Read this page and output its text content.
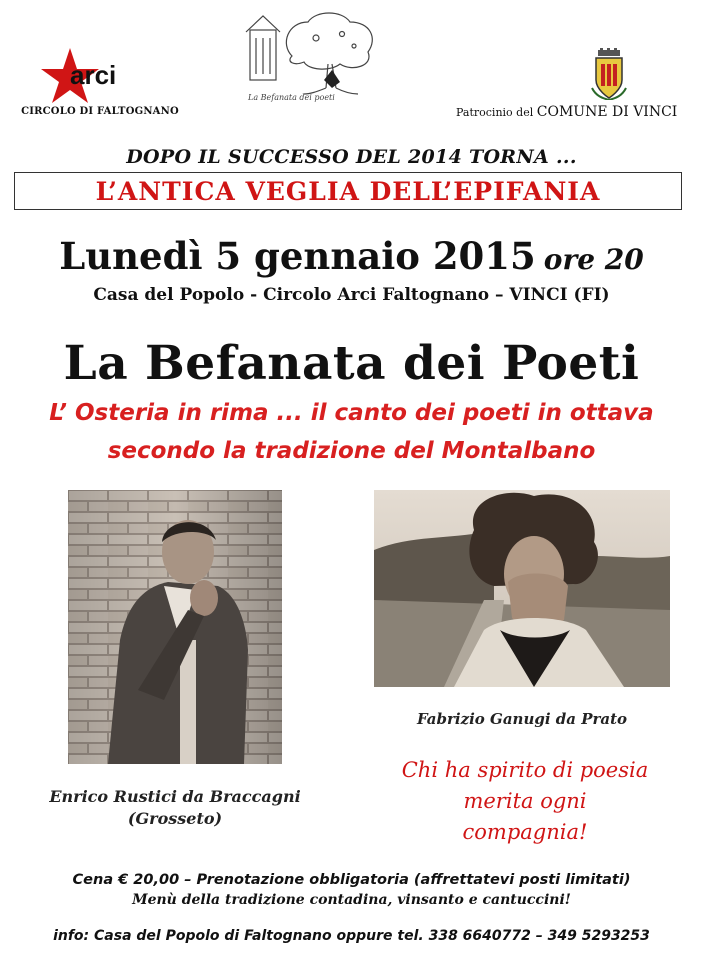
arci
CIRCOLO DI FALTOGNANO
La Befanata dei poeti
Patrocinio del COMUNE DI VINCI
DOPO IL SUCCESSO DEL 2014 TORNA ...
L’ANTICA VEGLIA DELL’EPIFANIA
Lunedì 5 gennaio 2015 ore 20
Casa del Popolo - Circolo Arci Faltognano – VINCI (FI)
La Befanata dei Poeti
L’ Osteria in rima ... il canto dei poeti in ottava
secondo la tradizione del Montalbano
Fabrizio Ganugi da Prato
Enrico Rustici da Braccagni
(Grosseto)
Chi ha spirito di poesia
merita ogni
compagnia!
Cena € 20,00 – Prenotazione obbligatoria (affrettatevi posti limitati)
Menù della tradizione contadina, vinsanto e cantuccini!
info: Casa del Popolo di Faltognano oppure tel. 338 6640772 – 349 5293253
